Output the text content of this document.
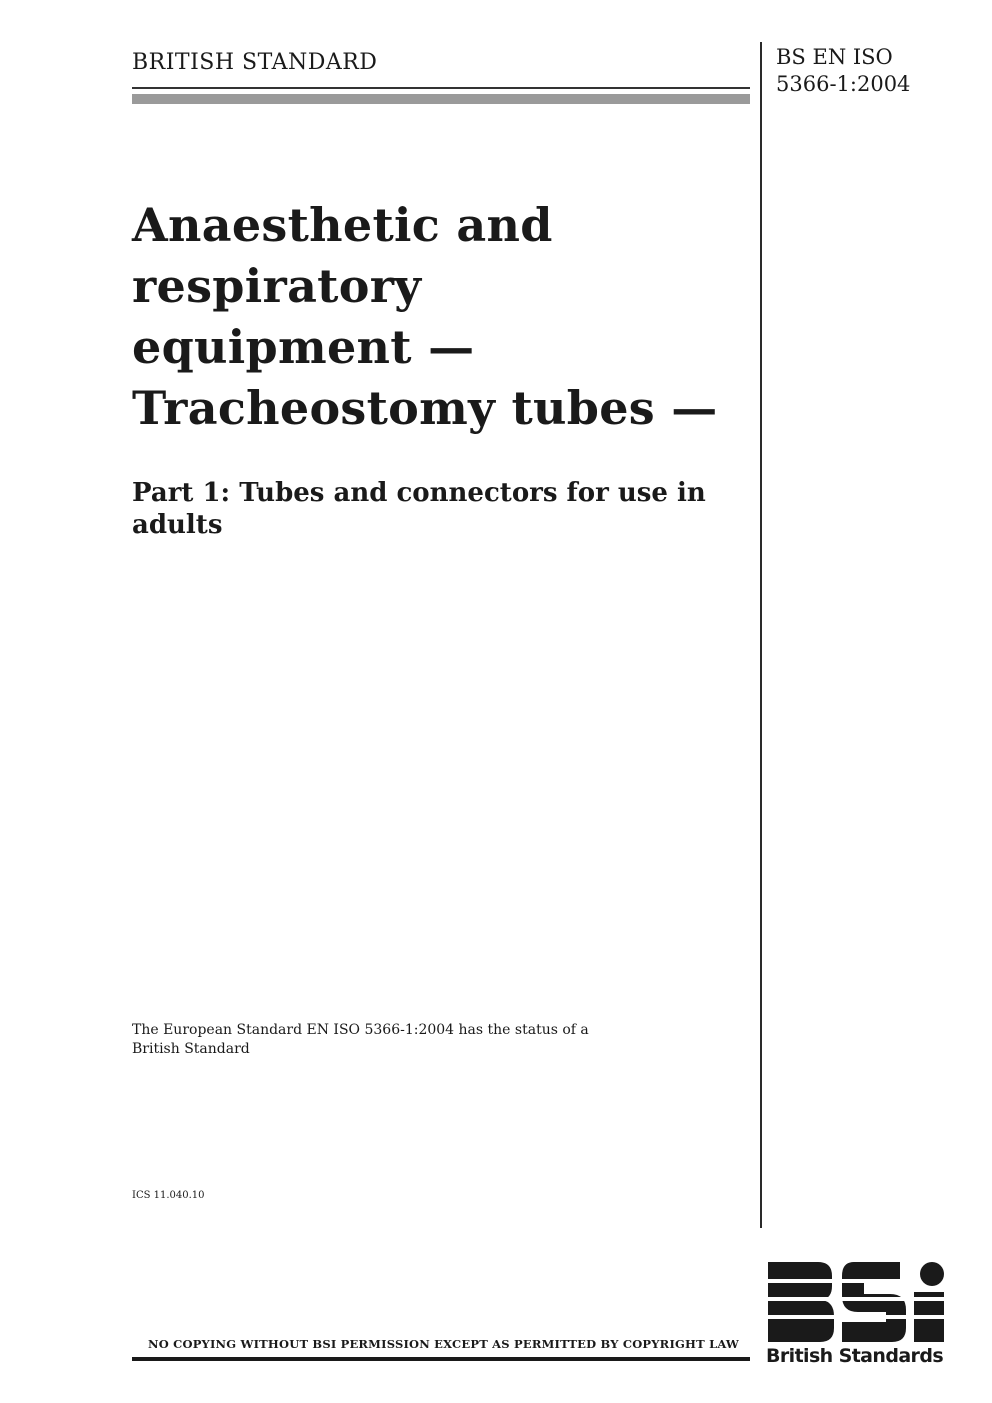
BRITISH STANDARD	BS EN ISO
5366-1:2004
Anaesthetic and
respiratory
equipment —
Tracheostomy tubes —
Part 1: Tubes and connectors for use in
adults
The European Standard EN ISO 5366-1:2004 has the status of a
British Standard
ICS 11.040.10
NO COPYING WITHOUT BSI PERMISSION EXCEPT AS PERMITTED BY COPYRIGHT LAW
British Standards
